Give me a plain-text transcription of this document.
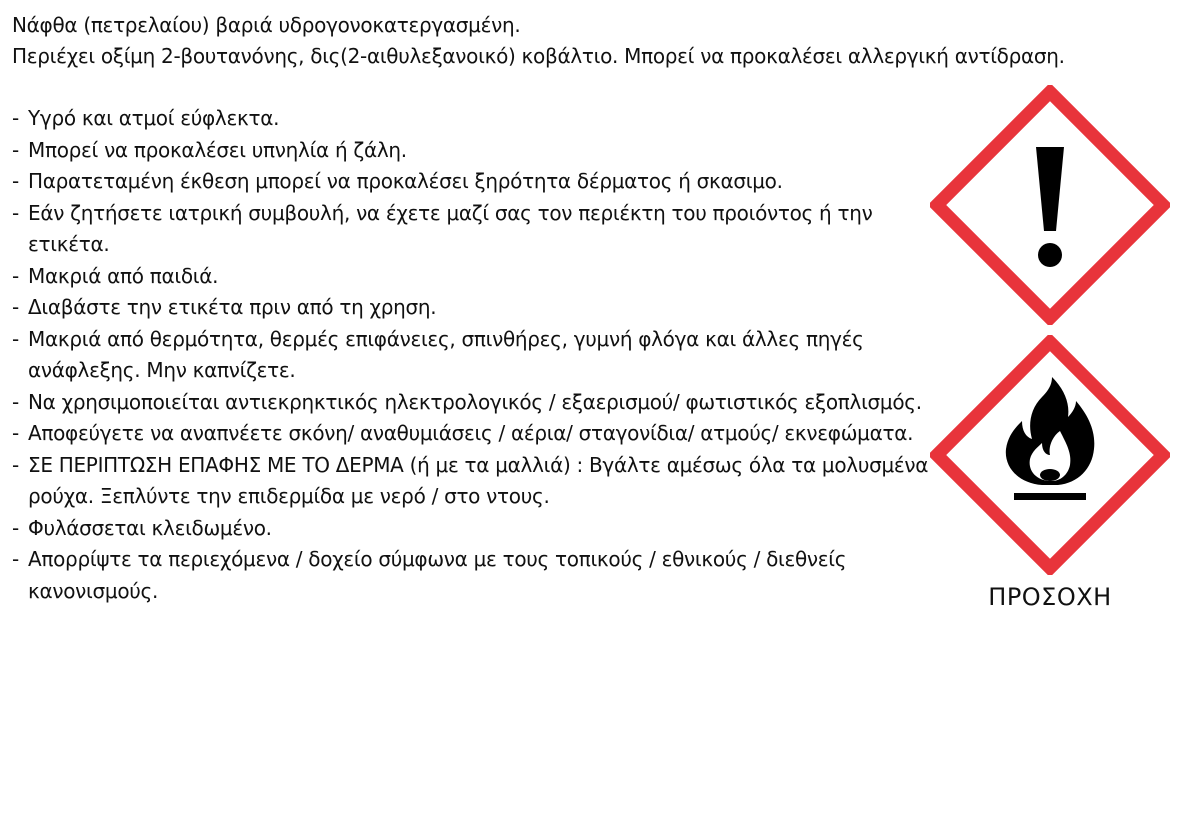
Νάφθα (πετρελαίου) βαριά υδρογονοκατεργασμένη.

Περιέχει οξίμη 2-βουτανόνης, δις(2-αιθυλεξανοικό) κοβάλτιο. Μπορεί να προκαλέσει αλλεργική αντίδραση.

- Υγρό και ατμοί εύφλεκτα.
- Μπορεί να προκαλέσει υπνηλία ή ζάλη.
- Παρατεταμένη έκθεση μπορεί να προκαλέσει ξηρότητα δέρματος ή σκασιμο.
- Εάν ζητήσετε ιατρική συμβουλή, να έχετε μαζί σας τον περιέκτη του προιόντος ή την ετικέτα.
- Μακριά από παιδιά.
- Διαβάστε την ετικέτα πριν από τη χρηση.
- Μακριά από θερμότητα, θερμές επιφάνειες, σπινθήρες, γυμνή φλόγα και άλλες πηγές ανάφλεξης. Μην καπνίζετε.
- Να χρησιμοποιείται αντιεκρηκτικός ηλεκτρολογικός / εξαερισμού/ φωτιστικός εξοπλισμός.
- Αποφεύγετε να αναπνέετε σκόνη/ αναθυμιάσεις / αέρια/ σταγονίδια/ ατμούς/ εκνεφώματα.
- ΣΕ ΠΕΡΙΠΤΩΣΗ ΕΠΑΦΗΣ ΜΕ ΤΟ ΔΕΡΜΑ (ή με τα μαλλιά) : Βγάλτε αμέσως όλα τα μολυσμένα ρούχα. Ξεπλύντε την επιδερμίδα με νερό / στο ντους.
- Φυλάσσεται κλειδωμένο.
- Απορρίψτε τα περιεχόμενα / δοχείο σύμφωνα με τους τοπικούς / εθνικούς / διεθνείς κανονισμούς.	ΠΡΟΣΟΧΗ
